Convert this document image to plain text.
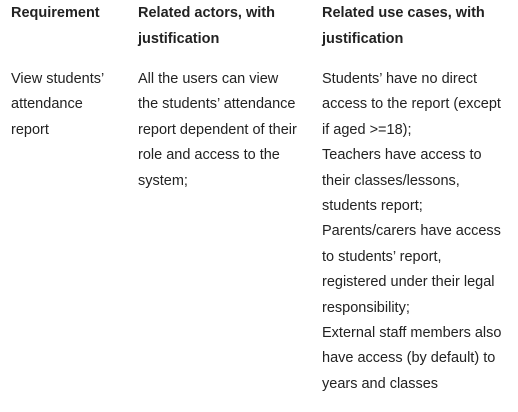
Requirement
View students’
attendance
report
Related actors, with
justification
All the users can view
the students’ attendance
report dependent of their
role and access to the
system;
Related use cases, with
justification
Students’ have no direct
access to the report (except
if aged >=18);
Teachers have access to
their classes/lessons,
students report;
Parents/carers have access
to students’ report,
registered under their legal
responsibility;
External staff members also
have access (by default) to
years and classes
